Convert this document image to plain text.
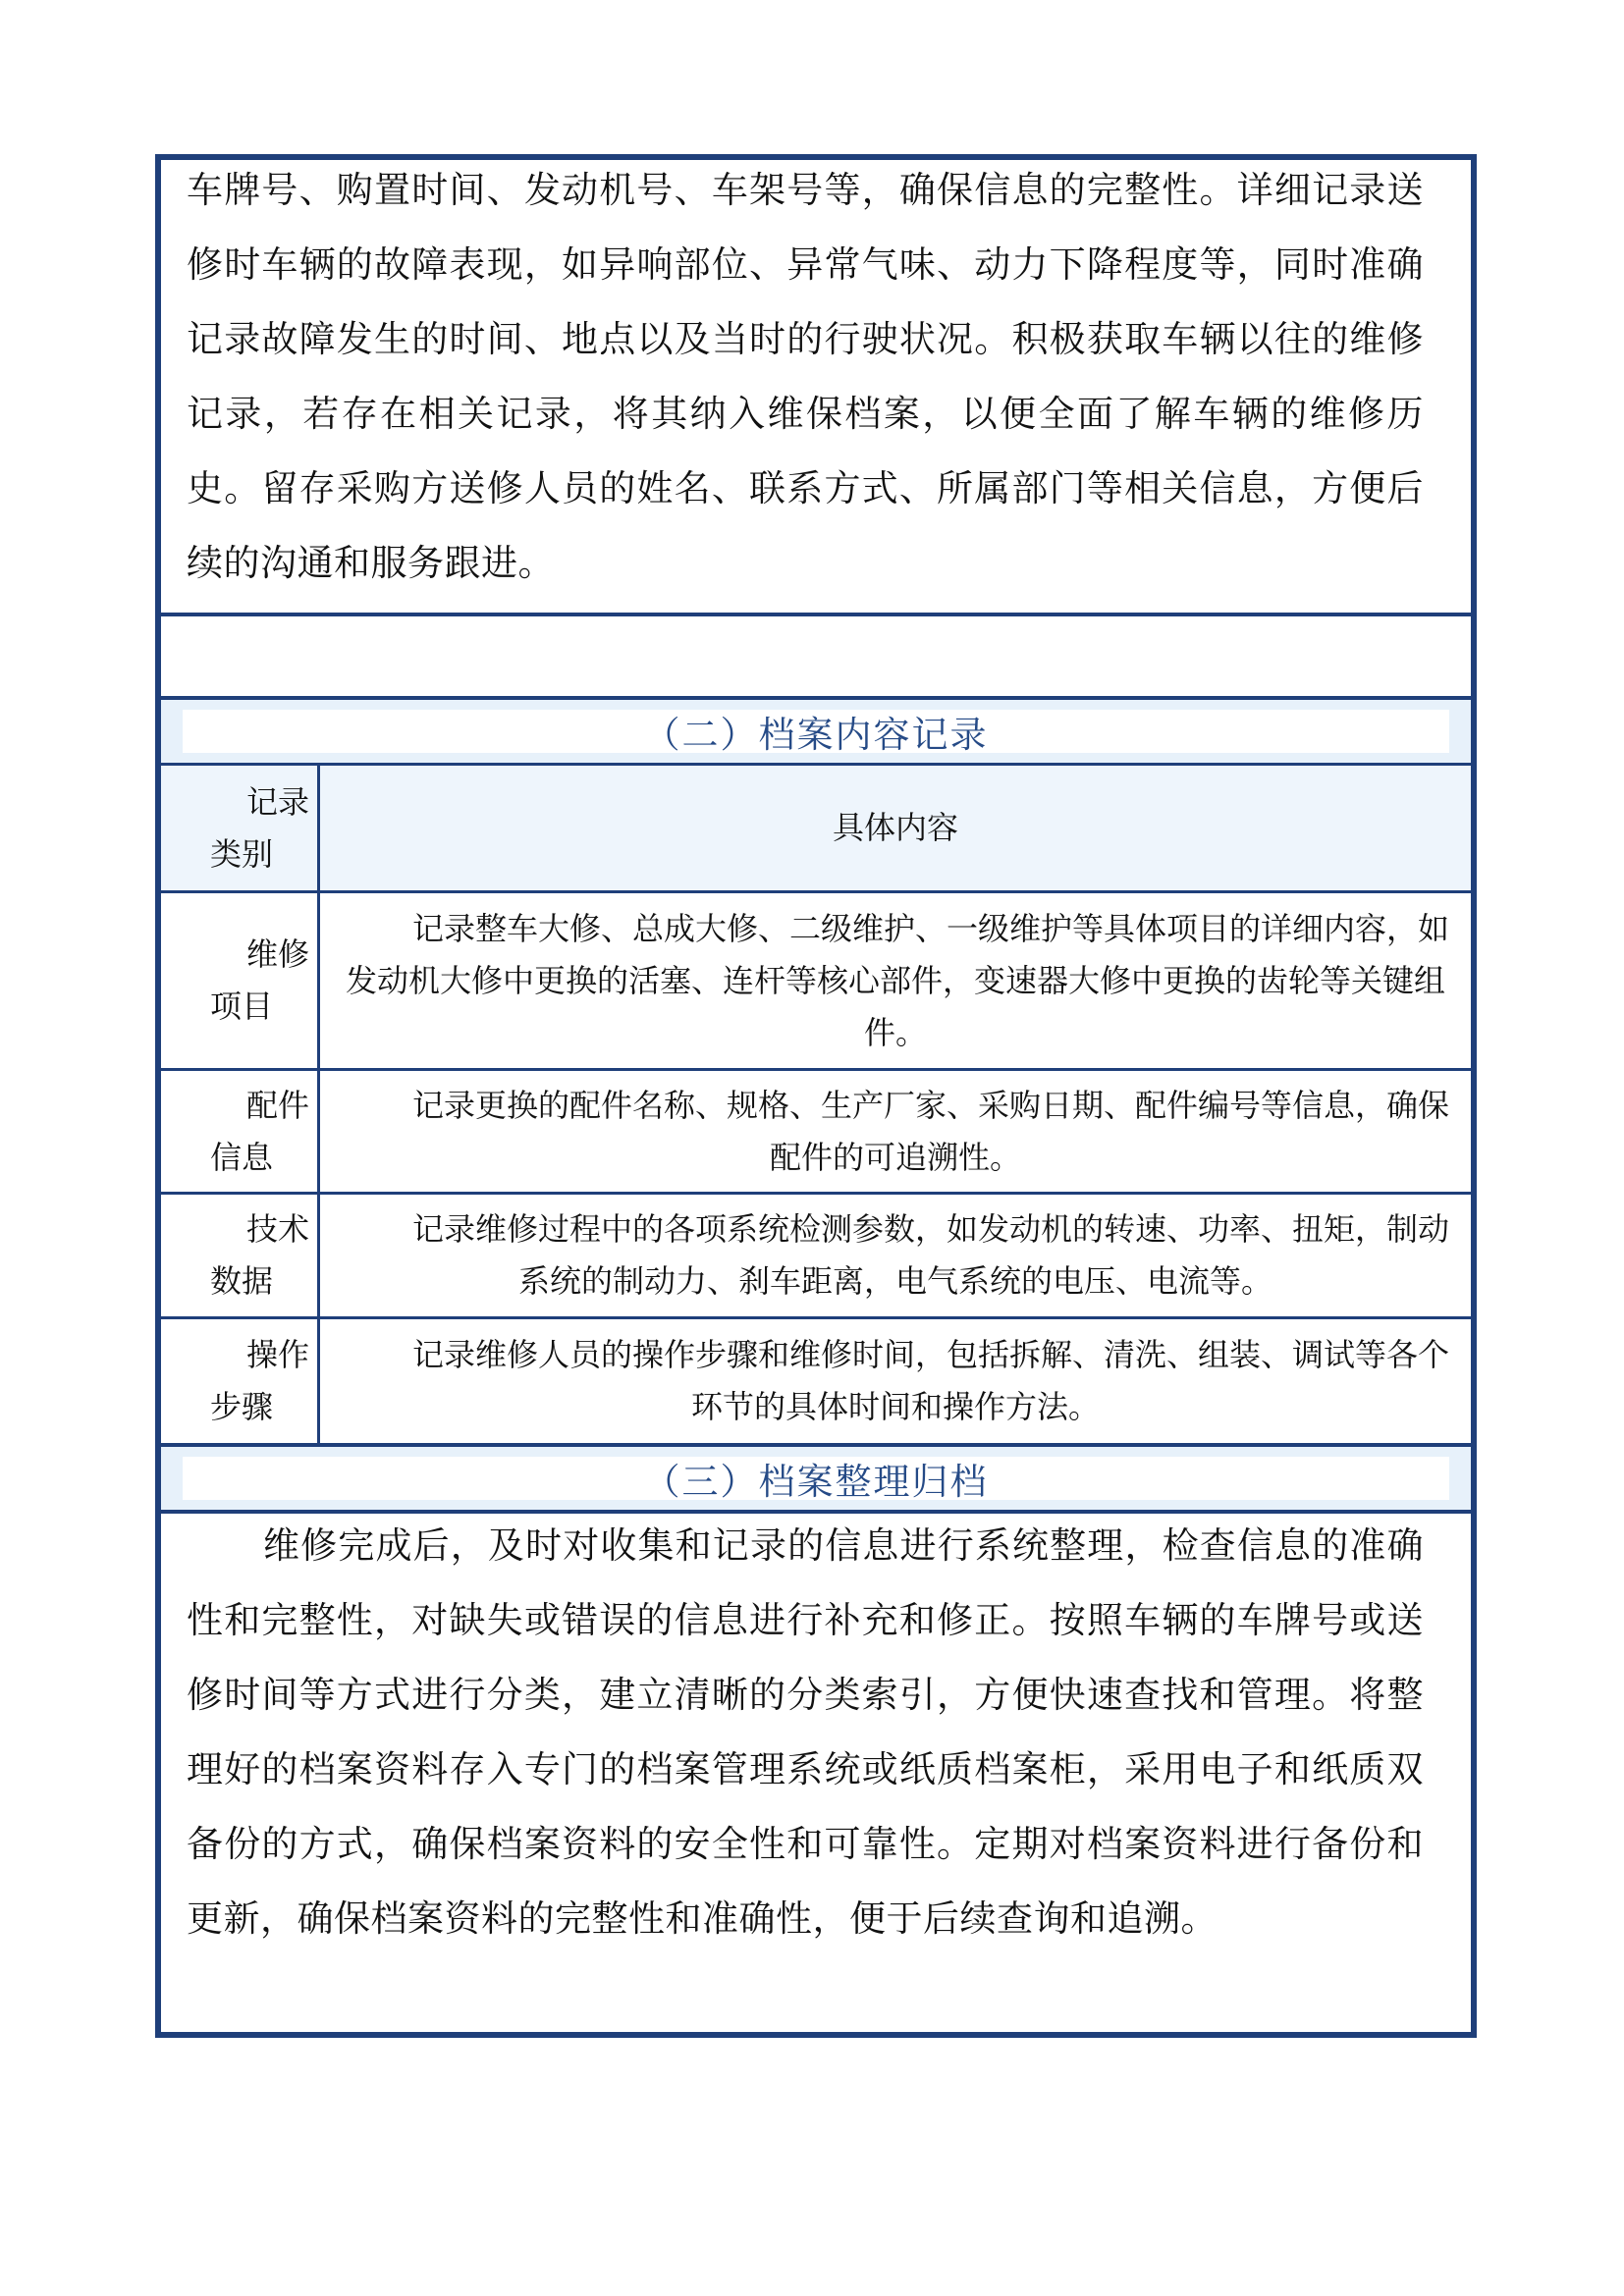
车牌号、购置时间、发动机号、车架号等，确保信息的完整性。详细记录送修时车辆的故障表现，如异响部位、异常气味、动力下降程度等，同时准确记录故障发生的时间、地点以及当时的行驶状况。积极获取车辆以往的维修记录，若存在相关记录，将其纳入维保档案，以便全面了解车辆的维修历史。留存采购方送修人员的姓名、联系方式、所属部门等相关信息，方便后续的沟通和服务跟进。
（二）档案内容记录
记录
类别
具体内容
维修
项目
记录整车大修、总成大修、二级维护、一级维护等具体项目的详细内容，如发动机大修中更换的活塞、连杆等核心部件，变速器大修中更换的齿轮等关键组件。
配件
信息
记录更换的配件名称、规格、生产厂家、采购日期、配件编号等信息，确保配件的可追溯性。
技术
数据
记录维修过程中的各项系统检测参数，如发动机的转速、功率、扭矩，制动系统的制动力、刹车距离，电气系统的电压、电流等。
操作
步骤
记录维修人员的操作步骤和维修时间，包括拆解、清洗、组装、调试等各个环节的具体时间和操作方法。
（三）档案整理归档
维修完成后，及时对收集和记录的信息进行系统整理，检查信息的准确性和完整性，对缺失或错误的信息进行补充和修正。按照车辆的车牌号或送修时间等方式进行分类，建立清晰的分类索引，方便快速查找和管理。将整理好的档案资料存入专门的档案管理系统或纸质档案柜，采用电子和纸质双备份的方式，确保档案资料的安全性和可靠性。定期对档案资料进行备份和更新，确保档案资料的完整性和准确性，便于后续查询和追溯。
